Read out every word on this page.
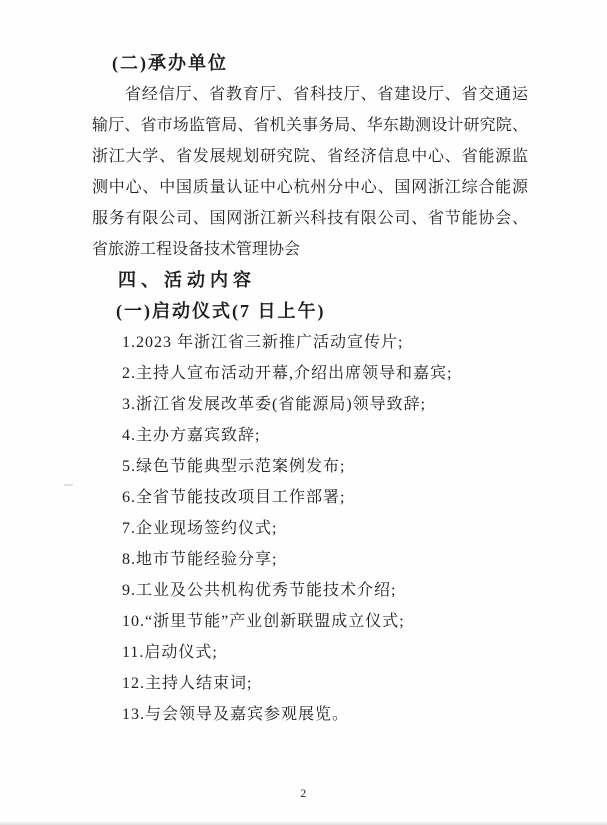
(二)承办单位
省经信厅、省教育厅、省科技厅、省建设厅、省交通运
输厅、省市场监管局、省机关事务局、华东勘测设计研究院、
浙江大学、省发展规划研究院、省经济信息中心、省能源监
测中心、中国质量认证中心杭州分中心、国网浙江综合能源
服务有限公司、国网浙江新兴科技有限公司、省节能协会、
省旅游工程设备技术管理协会
四、活动内容
(一)启动仪式(7 日上午)
1.2023 年浙江省三新推广活动宣传片;
2.主持人宣布活动开幕,介绍出席领导和嘉宾;
3.浙江省发展改革委(省能源局)领导致辞;
4.主办方嘉宾致辞;
5.绿色节能典型示范案例发布;
6.全省节能技改项目工作部署;
7.企业现场签约仪式;
8.地市节能经验分享;
9.工业及公共机构优秀节能技术介绍;
10.“浙里节能”产业创新联盟成立仪式;
11.启动仪式;
12.主持人结束词;
13.与会领导及嘉宾参观展览。
2
